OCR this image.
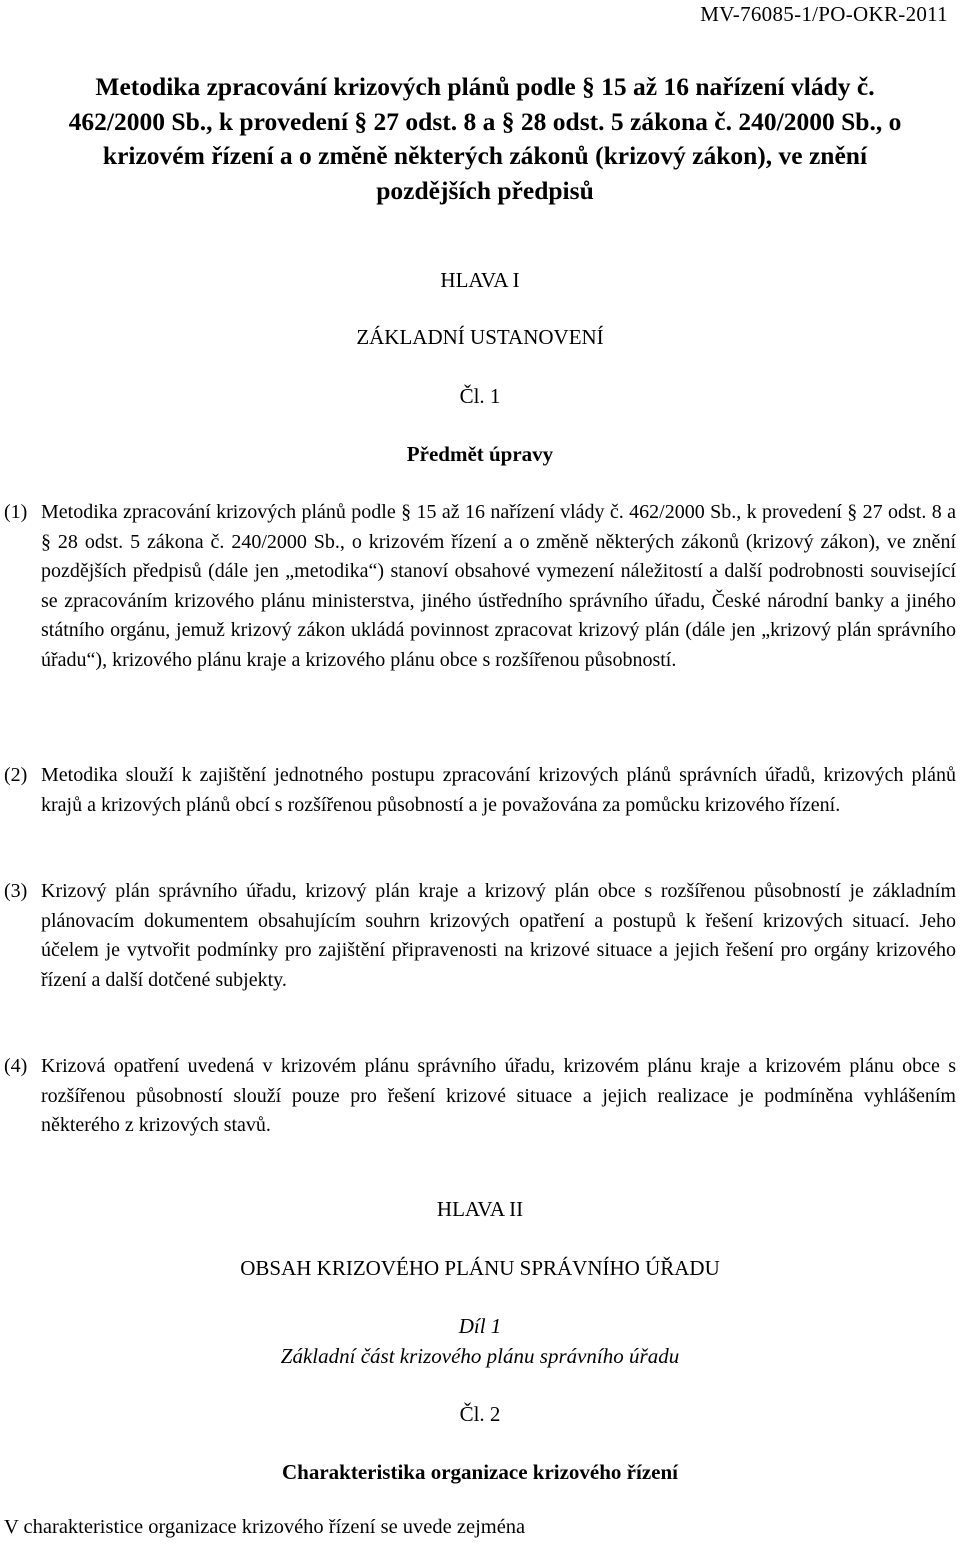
MV-76085-1/PO-OKR-2011
Metodika zpracování krizových plánů podle § 15 až 16 nařízení vlády č. 462/2000 Sb., k provedení § 27 odst. 8 a § 28 odst. 5 zákona č. 240/2000 Sb., o krizovém řízení a o změně některých zákonů (krizový zákon), ve znění pozdějších předpisů
HLAVA I
ZÁKLADNÍ USTANOVENÍ
Čl. 1
Předmět úpravy
(1) Metodika zpracování krizových plánů podle § 15 až 16 nařízení vlády č. 462/2000 Sb., k provedení § 27 odst. 8 a § 28 odst. 5 zákona č. 240/2000 Sb., o krizovém řízení a o změně některých zákonů (krizový zákon), ve znění pozdějších předpisů (dále jen „metodika“) stanoví obsahové vymezení náležitostí a další podrobnosti související se zpracováním krizového plánu ministerstva, jiného ústředního správního úřadu, České národní banky a jiného státního orgánu, jemuž krizový zákon ukládá povinnost zpracovat krizový plán (dále jen „krizový plán správního úřadu“), krizového plánu kraje a krizového plánu obce s rozšířenou působností.
(2) Metodika slouží k zajištění jednotného postupu zpracování krizových plánů správních úřadů, krizových plánů krajů a krizových plánů obcí s rozšířenou působností a je považována za pomůcku krizového řízení.
(3) Krizový plán správního úřadu, krizový plán kraje a krizový plán obce s rozšířenou působností je základním plánovacím dokumentem obsahujícím souhrn krizových opatření a postupů k řešení krizových situací. Jeho účelem je vytvořit podmínky pro zajištění připravenosti na krizové situace a jejich řešení pro orgány krizového řízení a další dotčené subjekty.
(4) Krizová opatření uvedená v krizovém plánu správního úřadu, krizovém plánu kraje a krizovém plánu obce s rozšířenou působností slouží pouze pro řešení krizové situace a jejich realizace je podmíněna vyhlášením některého z krizových stavů.
HLAVA II
OBSAH KRIZOVÉHO PLÁNU SPRÁVNÍHO ÚŘADU
Díl 1
Základní část krizového plánu správního úřadu
Čl. 2
Charakteristika organizace krizového řízení
V charakteristice organizace krizového řízení se uvede zejména
